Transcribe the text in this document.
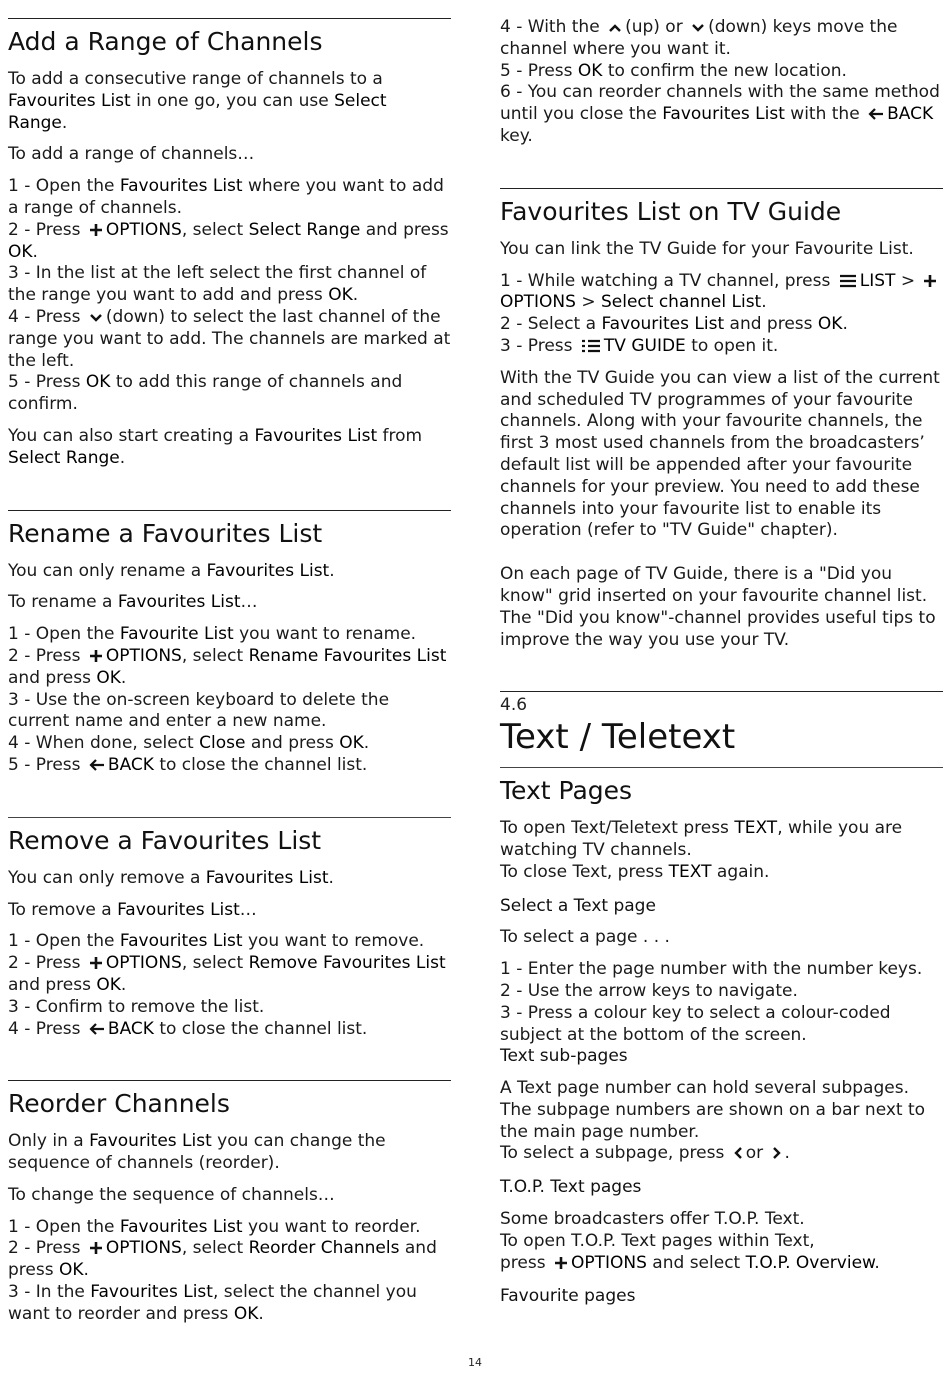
Add a Range of Channels

To add a consecutive range of channels to a
Favourites List in one go, you can use Select Range.

To add a range of channels…

1 - Open the Favourites List where you want to add a range of channels.

2 - Press OPTIONS, select Select Range and press OK.

3 - In the list at the left select the first channel of the range you want to add and press OK.

4 - Press (down) to select the last channel of the range you want to add. The channels are marked at the left.

5 - Press OK to add this range of channels and confirm.

You can also start creating a Favourites List from Select Range.

Rename a Favourites List

You can only rename a Favourites List.

To rename a Favourites List…

1 - Open the Favourite List you want to rename.

2 - Press OPTIONS, select Rename Favourites List and press OK.

3 - Use the on-screen keyboard to delete the current name and enter a new name.

4 - When done, select Close and press OK.

5 - Press BACK to close the channel list.

Remove a Favourites List

You can only remove a Favourites List.

To remove a Favourites List…

1 - Open the Favourites List you want to remove.

2 - Press OPTIONS, select Remove Favourites List and press OK.

3 - Confirm to remove the list.

4 - Press BACK to close the channel list.

Reorder Channels

Only in a Favourites List you can change the sequence of channels (reorder).

To change the sequence of channels…

1 - Open the Favourites List you want to reorder.

2 - Press OPTIONS, select Reorder Channels and press OK.

3 - In the Favourites List, select the channel you want to reorder and press OK.

4 - With the (up) or (down) keys move the channel where you want it.

5 - Press OK to confirm the new location.

6 - You can reorder channels with the same method until you close the Favourites List with the BACK key.

Favourites List on TV Guide

You can link the TV Guide for your Favourite List.

1 - While watching a TV channel, press LIST > OPTIONS > Select channel List.

2 - Select a Favourites List and press OK.

3 - Press TV GUIDE to open it.

With the TV Guide you can view a list of the current and scheduled TV programmes of your favourite channels. Along with your favourite channels, the first 3 most used channels from the broadcasters’ default list will be appended after your favourite channels for your preview. You need to add these channels into your favourite list to enable its operation (refer to "TV Guide" chapter).

On each page of TV Guide, there is a "Did you know" grid inserted on your favourite channel list. The "Did you know"-channel provides useful tips to improve the way you use your TV.

4.6
Text / Teletext
Text Pages

To open Text/Teletext press TEXT, while you are watching TV channels.

To close Text, press TEXT again.

Select a Text page

To select a page . . .

1 - Enter the page number with the number keys.

2 - Use the arrow keys to navigate.

3 - Press a colour key to select a colour-coded subject at the bottom of the screen.

Text sub-pages

A Text page number can hold several subpages. The subpage numbers are shown on a bar next to the main page number.

To select a subpage, press or .

T.O.P. Text pages

Some broadcasters offer T.O.P. Text.

To open T.O.P. Text pages within Text,

press OPTIONS and select T.O.P. Overview.

Favourite pages
14
